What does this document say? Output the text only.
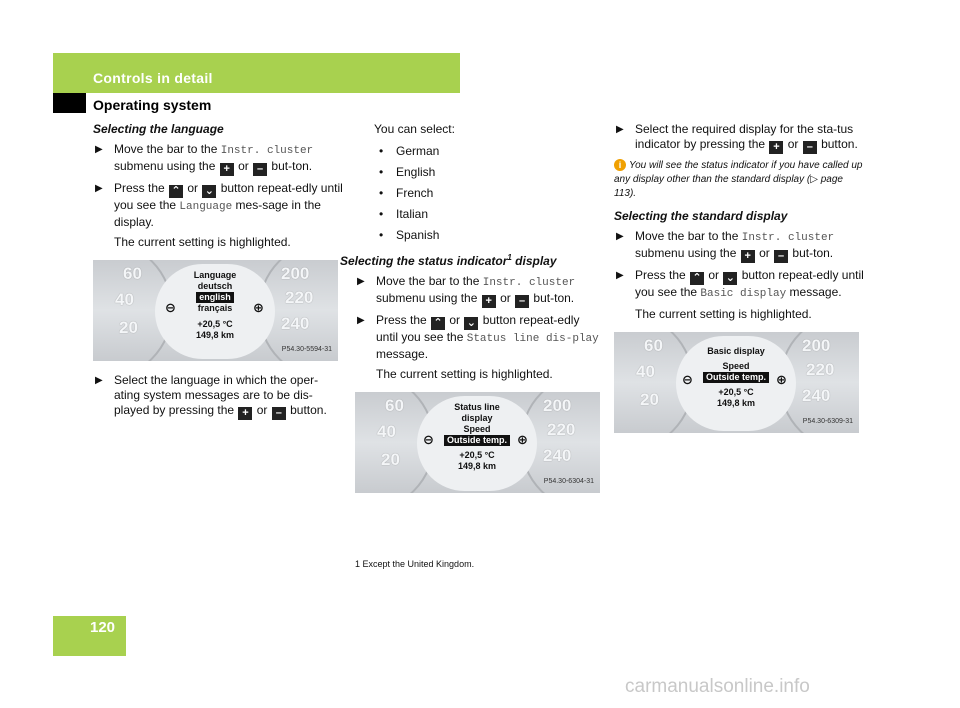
Controls in detail
Operating system
120
Selecting the language
▶ Move the bar to the Instr. cluster submenu using the + or – but-ton.
▶ Press the ⌃ or ⌄ button repeat-edly until you see the Language mes-sage in the display.
The current setting is highlighted.
60
40
20
200
220
240
Language
deutsch
english
français
+20,5 °C
149,8 km
⊖	⊕
P54.30-5594-31
▶ Select the language in which the oper-ating system messages are to be dis-played by pressing the + or – button.
You can select:
• German
• English
• French
• Italian
• Spanish
Selecting the status indicator$^1$ display
▶ Move the bar to the Instr. cluster submenu using the + or – but-ton.
▶ Press the ⌃ or ⌄ button repeat-edly until you see the Status line dis-play message.
The current setting is highlighted.
60
40
20
200
220
240
Status line
display
Speed
Outside temp.
+20,5 °C
149,8 km
⊖	⊕
P54.30-6304-31
▶ Select the required display for the sta-tus indicator by pressing the + or – button.
i You will see the status indicator if you have called up any display other than the standard display (▷ page 113).
Selecting the standard display
▶ Move the bar to the Instr. cluster submenu using the + or – but-ton.
▶ Press the ⌃ or ⌄ button repeat-edly until you see the Basic display message.
The current setting is highlighted.
60
40
20
200
220
240
Basic display
Speed
Outside temp.
+20,5 °C
149,8 km
⊖	⊕
P54.30-6309-31
1 Except the United Kingdom.
carmanualsonline.info
